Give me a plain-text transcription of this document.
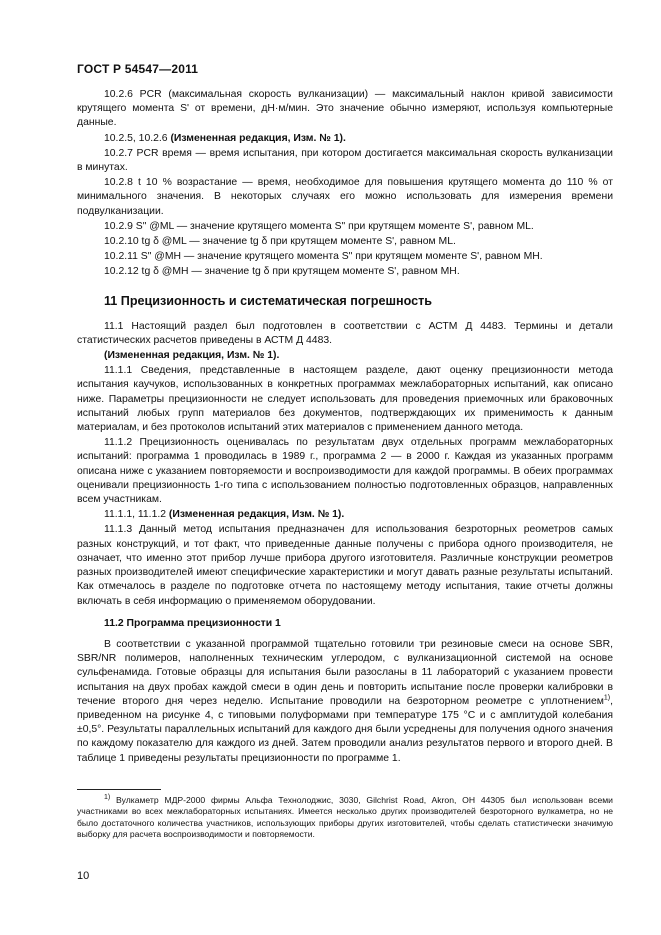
ГОСТ Р 54547—2011

10.2.6 PCR (максимальная скорость вулканизации) — максимальный наклон кривой зависимости крутящего момента S' от времени, дН·м/мин. Это значение обычно измеряют, используя компьютерные данные.

10.2.5, 10.2.6 (Измененная редакция, Изм. № 1).

10.2.7 PCR время — время испытания, при котором достигается максимальная скорость вулканизации в минутах.

10.2.8 t 10 % возрастание — время, необходимое для повышения крутящего момента до 110 % от минимального значения. В некоторых случаях его можно использовать для измерения времени подвулканизации.

10.2.9 S" @ML — значение крутящего момента S" при крутящем моменте S', равном ML.

10.2.10 tg δ @ML — значение tg δ при крутящем моменте S', равном ML.

10.2.11 S" @MH — значение крутящего момента S" при крутящем моменте S', равном MH.

10.2.12 tg δ @MH — значение tg δ при крутящем моменте S', равном MH.

11 Прецизионность и систематическая погрешность

11.1 Настоящий раздел был подготовлен в соответствии с АСТМ Д 4483. Термины и детали статистических расчетов приведены в АСТМ Д 4483.

(Измененная редакция, Изм. № 1).

11.1.1 Сведения, представленные в настоящем разделе, дают оценку прецизионности метода испытания каучуков, использованных в конкретных программах межлабораторных испытаний, как описано ниже. Параметры прецизионности не следует использовать для проведения приемочных или браковочных испытаний любых групп материалов без документов, подтверждающих их применимость к данным материалам, и без протоколов испытаний этих материалов с применением данного метода.

11.1.2 Прецизионность оценивалась по результатам двух отдельных программ межлабораторных испытаний: программа 1 проводилась в 1989 г., программа 2 — в 2000 г. Каждая из указанных программ описана ниже с указанием повторяемости и воспроизводимости для каждой программы. В обеих программах оценивали прецизионность 1-го типа с использованием полностью подготовленных образцов, направленных всем участникам.

11.1.1, 11.1.2 (Измененная редакция, Изм. № 1).

11.1.3 Данный метод испытания предназначен для использования безроторных реометров самых разных конструкций, и тот факт, что приведенные данные получены с прибора одного производителя, не означает, что именно этот прибор лучше прибора другого изготовителя. Различные конструкции реометров разных производителей имеют специфические характеристики и могут давать разные результаты испытаний. Как отмечалось в разделе по подготовке отчета по настоящему методу испытания, такие отчеты должны включать в себя информацию о применяемом оборудовании.

11.2 Программа прецизионности 1

В соответствии с указанной программой тщательно готовили три резиновые смеси на основе SBR, SBR/NR полимеров, наполненных техническим углеродом, с вулканизационной системой на основе сульфенамида. Готовые образцы для испытания были разосланы в 11 лабораторий с указанием провести испытания на двух пробах каждой смеси в один день и повторить испытание после проверки калибровки в течение второго дня через неделю. Испытание проводили на безроторном реометре с уплотнением$^{1)}$, приведенном на рисунке 4, с типовыми полуформами при температуре 175 °С и с амплитудой колебания ±0,5°. Результаты параллельных испытаний для каждого дня были усреднены для получения одного значения по каждому показателю для каждого из дней. Затем проводили анализ результатов первого и второго дней. В таблице 1 приведены результаты прецизионности по программе 1.

$^{1)}$ Вулкаметр МДР-2000 фирмы Альфа Технолоджис, 3030, Gilchrist Road, Akron, OH 44305 был использован всеми участниками во всех межлабораторных испытаниях. Имеется несколько других производителей безроторного вулкаметра, но не было достаточного количества участников, использующих приборы других изготовителей, чтобы сделать статистически значимую выборку для расчета воспроизводимости и повторяемости.

10
